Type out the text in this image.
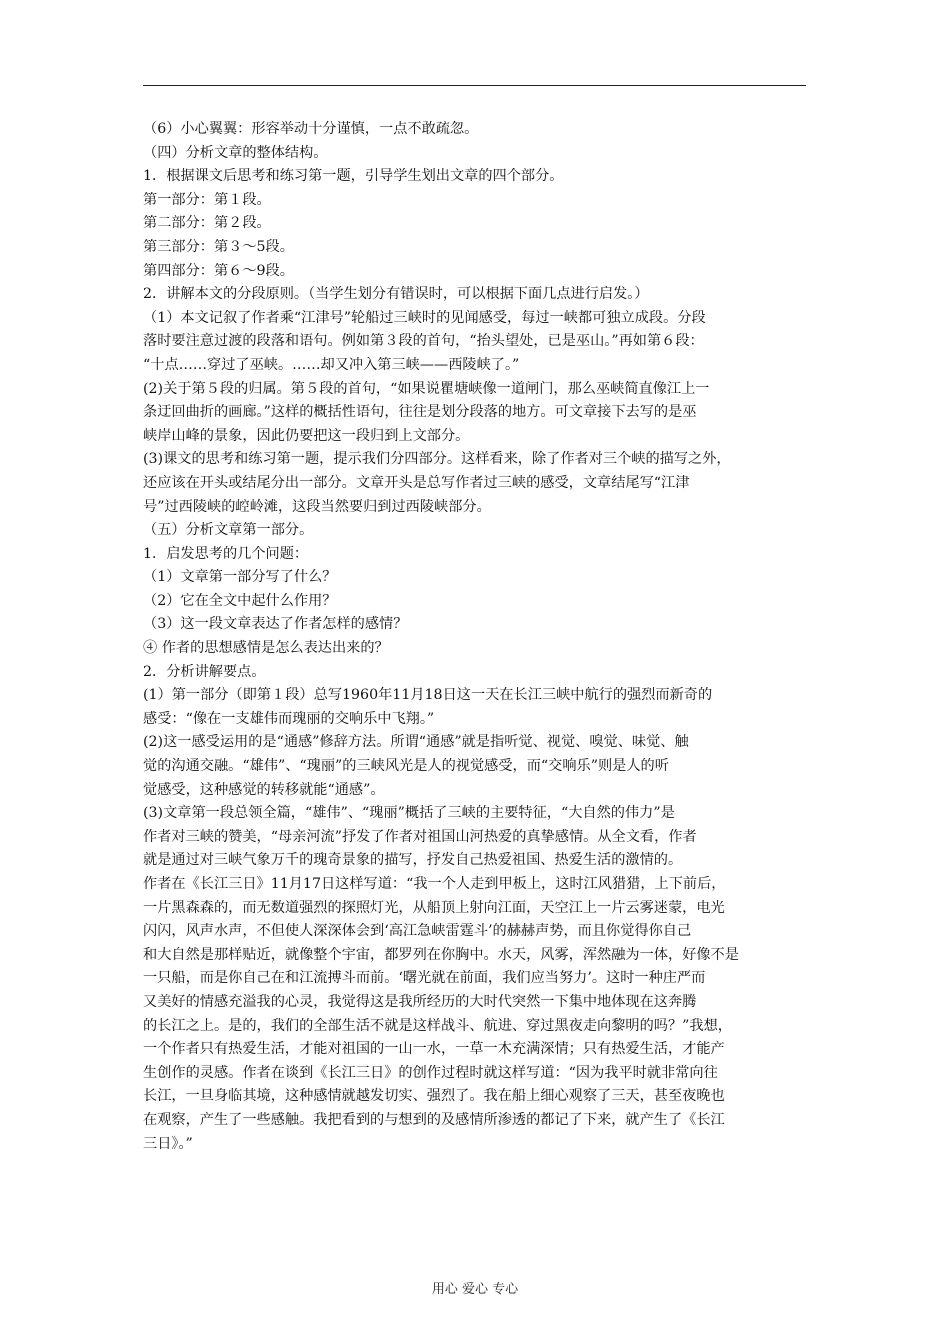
（6）小心翼翼：形容举动十分谨慎，一点不敢疏忽。
（四）分析文章的整体结构。
1．根据课文后思考和练习第一题，引导学生划出文章的四个部分。
第一部分：第１段。
第二部分：第２段。
第三部分：第３～5段。
第四部分：第６～9段。
2．讲解本文的分段原则。（当学生划分有错误时，可以根据下面几点进行启发。）
（1）本文记叙了作者乘“江津号”轮船过三峡时的见闻感受，每过一峡都可独立成段。分段
落时要注意过渡的段落和语句。例如第３段的首句，“抬头望处，已是巫山。”再如第６段：
“十点……穿过了巫峡。……却又冲入第三峡——西陵峡了。”
(2)关于第５段的归属。第５段的首句，“如果说瞿塘峡像一道闸门，那么巫峡简直像江上一
条迂回曲折的画廊。”这样的概括性语句，往往是划分段落的地方。可文章接下去写的是巫
峡岸山峰的景象，因此仍要把这一段归到上文部分。
(3)课文的思考和练习第一题，提示我们分四部分。这样看来，除了作者对三个峡的描写之外，
还应该在开头或结尾分出一部分。文章开头是总写作者过三峡的感受，文章结尾写“江津
号”过西陵峡的崆岭滩，这段当然要归到过西陵峡部分。
（五）分析文章第一部分。
1．启发思考的几个问题：
（1）文章第一部分写了什么？
（2）它在全文中起什么作用？
（3）这一段文章表达了作者怎样的感情？
④ 作者的思想感情是怎么表达出来的？
2．分析讲解要点。
(1）第一部分（即第１段）总写1960年11月18日这一天在长江三峡中航行的强烈而新奇的
感受：“像在一支雄伟而瑰丽的交响乐中飞翔。”
(2)这一感受运用的是“通感”修辞方法。所谓“通感”就是指听觉、视觉、嗅觉、味觉、触
觉的沟通交融。“雄伟”、“瑰丽”的三峡风光是人的视觉感受，而“交响乐”则是人的听
觉感受，这种感觉的转移就能“通感”。
(3)文章第一段总领全篇，“雄伟”、“瑰丽”概括了三峡的主要特征，“大自然的伟力”是
作者对三峡的赞美，“母亲河流”抒发了作者对祖国山河热爱的真挚感情。从全文看，作者
就是通过对三峡气象万千的瑰奇景象的描写，抒发自己热爱祖国、热爱生活的激情的。
作者在《长江三日》11月17日这样写道：“我一个人走到甲板上，这时江风猎猎，上下前后，
一片黑森森的，而无数道强烈的探照灯光，从船顶上射向江面，天空江上一片云雾迷蒙，电光
闪闪，风声水声，不但使人深深体会到‘高江急峡雷霆斗’的赫赫声势，而且你觉得你自己
和大自然是那样贴近，就像整个宇宙，都罗列在你胸中。水天，风雾，浑然融为一体，好像不是
一只船，而是你自己在和江流搏斗而前。‘曙光就在前面，我们应当努力’。这时一种庄严而
又美好的情感充溢我的心灵，我觉得这是我所经历的大时代突然一下集中地体现在这奔腾
的长江之上。是的，我们的全部生活不就是这样战斗、航进、穿过黑夜走向黎明的吗？”我想，
一个作者只有热爱生活，才能对祖国的一山一水，一草一木充满深情；只有热爱生活，才能产
生创作的灵感。作者在谈到《长江三日》的创作过程时就这样写道：“因为我平时就非常向往
长江，一旦身临其境，这种感情就越发切实、强烈了。我在船上细心观察了三天，甚至夜晚也
在观察，产生了一些感触。我把看到的与想到的及感情所渗透的都记了下来，就产生了《长江
三日》。”
用心 爱心 专心
